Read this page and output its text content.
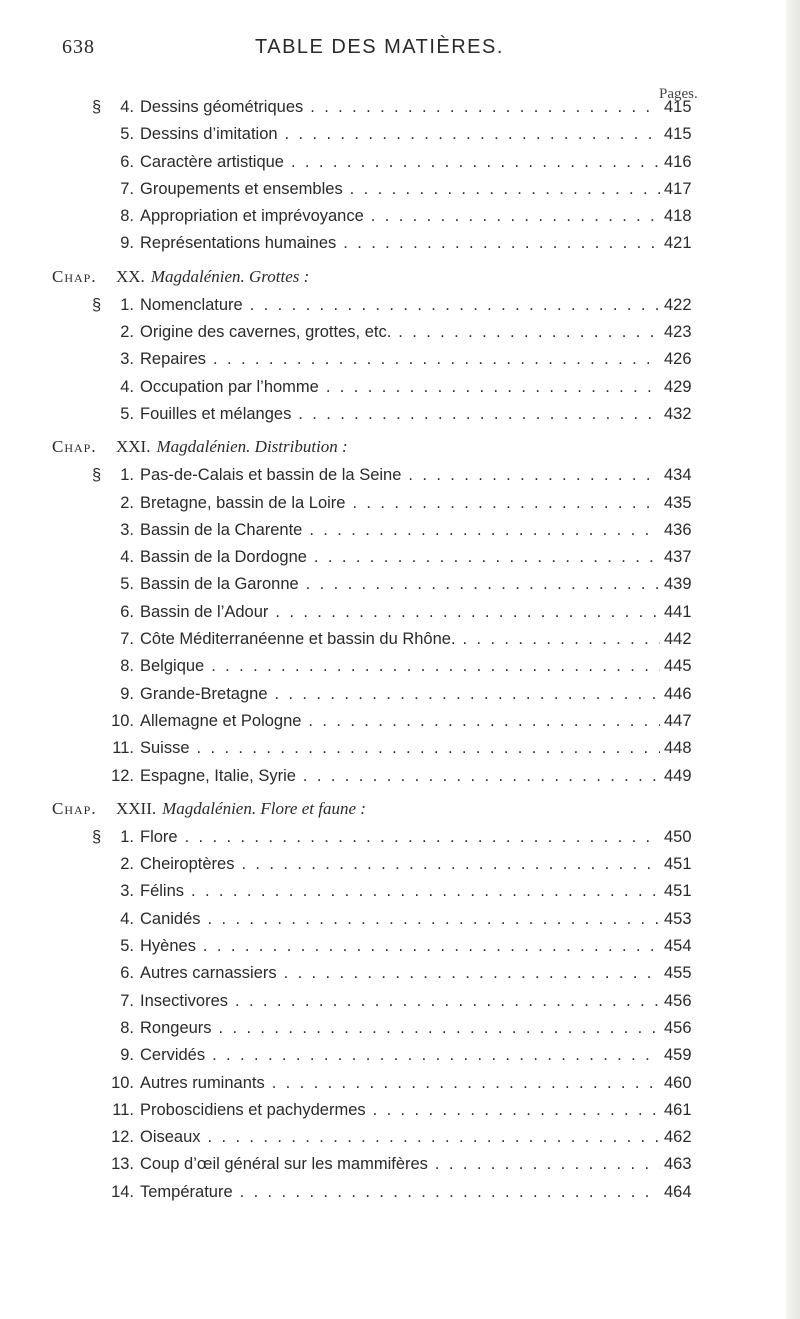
638	TABLE DES MATIÈRES.
Pages.
§	4. Dessins géométriques . . .	415
5. Dessins d’imitation . . .	415
6. Caractère artistique . . .	416
7. Groupements et ensembles . . .	417
8. Appropriation et imprévoyance . . .	418
9. Représentations humaines . . .	421
Chap. XX. Magdalénien. Grottes :
§	1. Nomenclature . . .	422
2. Origine des cavernes, grottes, etc. . . .	423
3. Repaires . . .	426
4. Occupation par l’homme . . .	429
5. Fouilles et mélanges . . .	432
Chap. XXI. Magdalénien. Distribution :
§	1. Pas-de-Calais et bassin de la Seine . . .	434
2. Bretagne, bassin de la Loire . . .	435
3. Bassin de la Charente . . .	436
4. Bassin de la Dordogne . . .	437
5. Bassin de la Garonne . . .	439
6. Bassin de l’Adour . . .	441
7. Côte Méditerranéenne et bassin du Rhône. . . .	442
8. Belgique . . .	445
9. Grande-Bretagne . . .	446
10. Allemagne et Pologne . . .	447
11. Suisse . . .	448
12. Espagne, Italie, Syrie . . .	449
Chap. XXII. Magdalénien. Flore et faune :
§	1. Flore . . .	450
2. Cheiroptères . . .	451
3. Félins . . .	451
4. Canidés . . .	453
5. Hyènes . . .	454
6. Autres carnassiers . . .	455
7. Insectivores . . .	456
8. Rongeurs . . .	456
9. Cervidés . . .	459
10. Autres ruminants . . .	460
11. Proboscidiens et pachydermes . . .	461
12. Oiseaux . . .	462
13. Coup d’œil général sur les mammifères . . .	463
14. Température . . .	464
